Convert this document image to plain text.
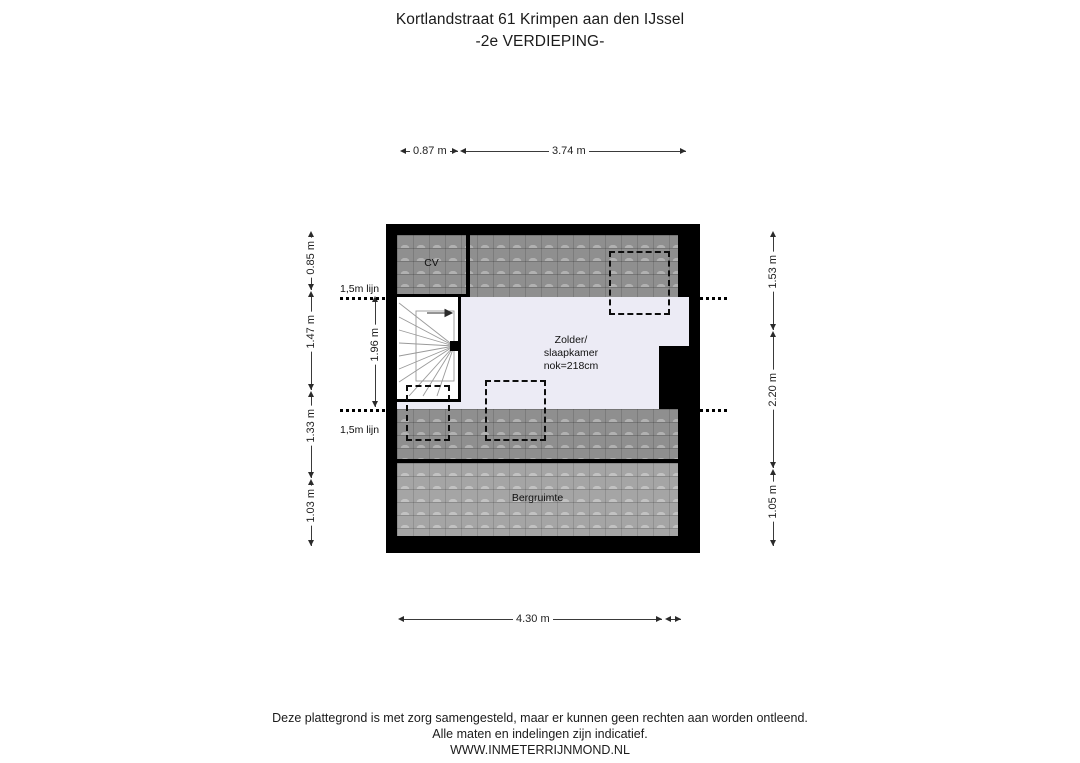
Kortlandstraat 61 Krimpen aan den IJssel
-2e VERDIEPING-
0.87 m	3.74 m
0.85 m
1.47 m
1.33 m
1.03 m
1.96 m
1.53 m
2.20 m
1.05 m
4.30 m
1,5m lijn
1,5m lijn
CV
Bergruimte
Zolder/
slaapkamer
nok=218cm
Deze plattegrond is met zorg samengesteld, maar er kunnen geen rechten aan worden ontleend.
Alle maten en indelingen zijn indicatief.
WWW.INMETERRIJNMOND.NL
